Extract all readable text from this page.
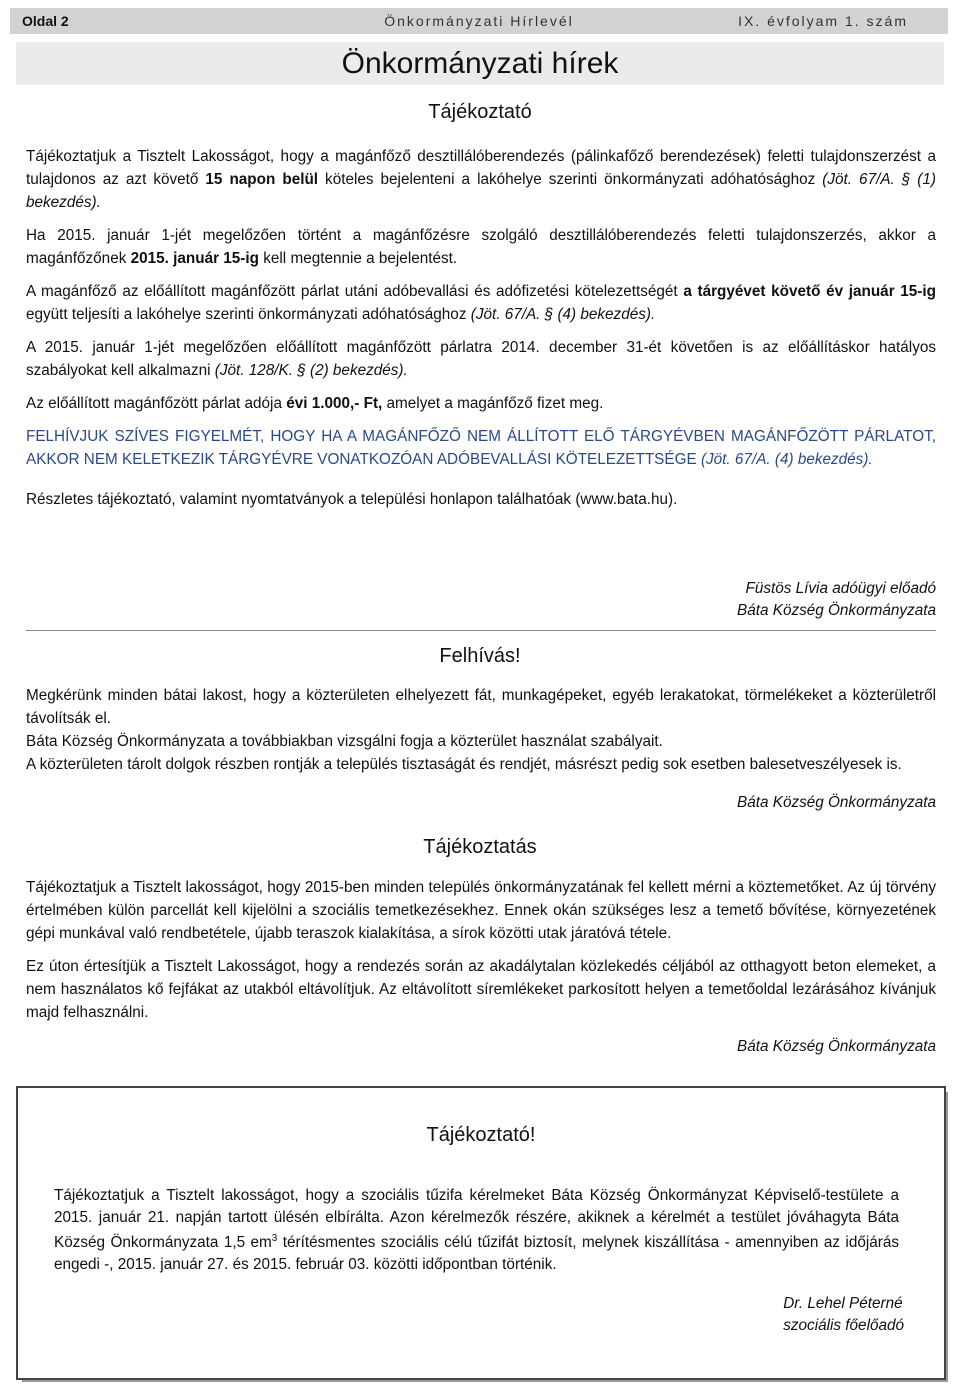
Oldal 2	Önkormányzati Hírlevél	IX. évfolyam 1. szám
Önkormányzati hírek
Tájékoztató

Tájékoztatjuk a Tisztelt Lakosságot, hogy a magánfőző desztillálóberendezés (pálinkafőző berendezések) feletti tulajdonszerzést a tulajdonos az azt követő 15 napon belül köteles bejelenteni a lakóhelye szerinti önkormányzati adóhatósághoz (Jöt. 67/A. § (1) bekezdés).

Ha 2015. január 1-jét megelőzően történt a magánfőzésre szolgáló desztillálóberendezés feletti tulajdonszerzés, akkor a magánfőzőnek 2015. január 15-ig kell megtennie a bejelentést.

A magánfőző az előállított magánfőzött párlat utáni adóbevallási és adófizetési kötelezettségét a tárgyévet követő év január 15-ig együtt teljesíti a lakóhelye szerinti önkormányzati adóhatósághoz (Jöt. 67/A. § (4) bekezdés).

A 2015. január 1-jét megelőzően előállított magánfőzött párlatra 2014. december 31-ét követően is az előállításkor hatályos szabályokat kell alkalmazni (Jöt. 128/K. § (2) bekezdés).

Az előállított magánfőzött párlat adója évi 1.000,- Ft, amelyet a magánfőző fizet meg.

FELHÍVJUK SZÍVES FIGYELMÉT, HOGY HA A MAGÁNFŐZŐ NEM ÁLLÍTOTT ELŐ TÁRGYÉVBEN MAGÁNFŐZÖTT PÁRLATOT, AKKOR NEM KELETKEZIK TÁRGYÉVRE VONATKOZÓAN ADÓBEVALLÁSI KÖTELEZETTSÉGE (Jöt. 67/A. (4) bekezdés).

Részletes tájékoztató, valamint nyomtatványok a települési honlapon találhatóak (www.bata.hu).

Füstös Lívia adóügyi előadó
Báta Község Önkormányzata
Felhívás!

Megkérünk minden bátai lakost, hogy a közterületen elhelyezett fát, munkagépeket, egyéb lerakatokat, törmelékeket a közterületről távolítsák el.

Báta Község Önkormányzata a továbbiakban vizsgálni fogja a közterület használat szabályait.

A közterületen tárolt dolgok részben rontják a település tisztaságát és rendjét, másrészt pedig sok esetben balesetveszélyesek is.

Báta Község Önkormányzata
Tájékoztatás

Tájékoztatjuk a Tisztelt lakosságot, hogy 2015-ben minden település önkormányzatának fel kellett mérni a köztemetőket. Az új törvény értelmében külön parcellát kell kijelölni a szociális temetkezésekhez. Ennek okán szükséges lesz a temető bővítése, környezetének gépi munkával való rendbetétele, újabb teraszok kialakítása, a sírok közötti utak járatóvá tétele.

Ez úton értesítjük a Tisztelt Lakosságot, hogy a rendezés során az akadálytalan közlekedés céljából az otthagyott beton elemeket, a nem használatos kő fejfákat az utakból eltávolítjuk. Az eltávolított síremlékeket parkosított helyen a temetőoldal lezárásához kívánjuk majd felhasználni.

Báta Község Önkormányzata
Tájékoztató!
Tájékoztatjuk a Tisztelt lakosságot, hogy a szociális tűzifa kérelmeket Báta Község Önkormányzat Képviselő-testülete a 2015. január 21. napján tartott ülésén elbírálta. Azon kérelmezők részére, akiknek a kérelmét a testület jóváhagyta Báta Község Önkormányzata 1,5 $em^3$ térítésmentes szociális célú tűzifát biztosít, melynek kiszállítása - amennyiben az időjárás engedi -, 2015. január 27. és 2015. február 03. közötti időpontban történik.
Dr. Lehel Péterné
szociális főelőadó
